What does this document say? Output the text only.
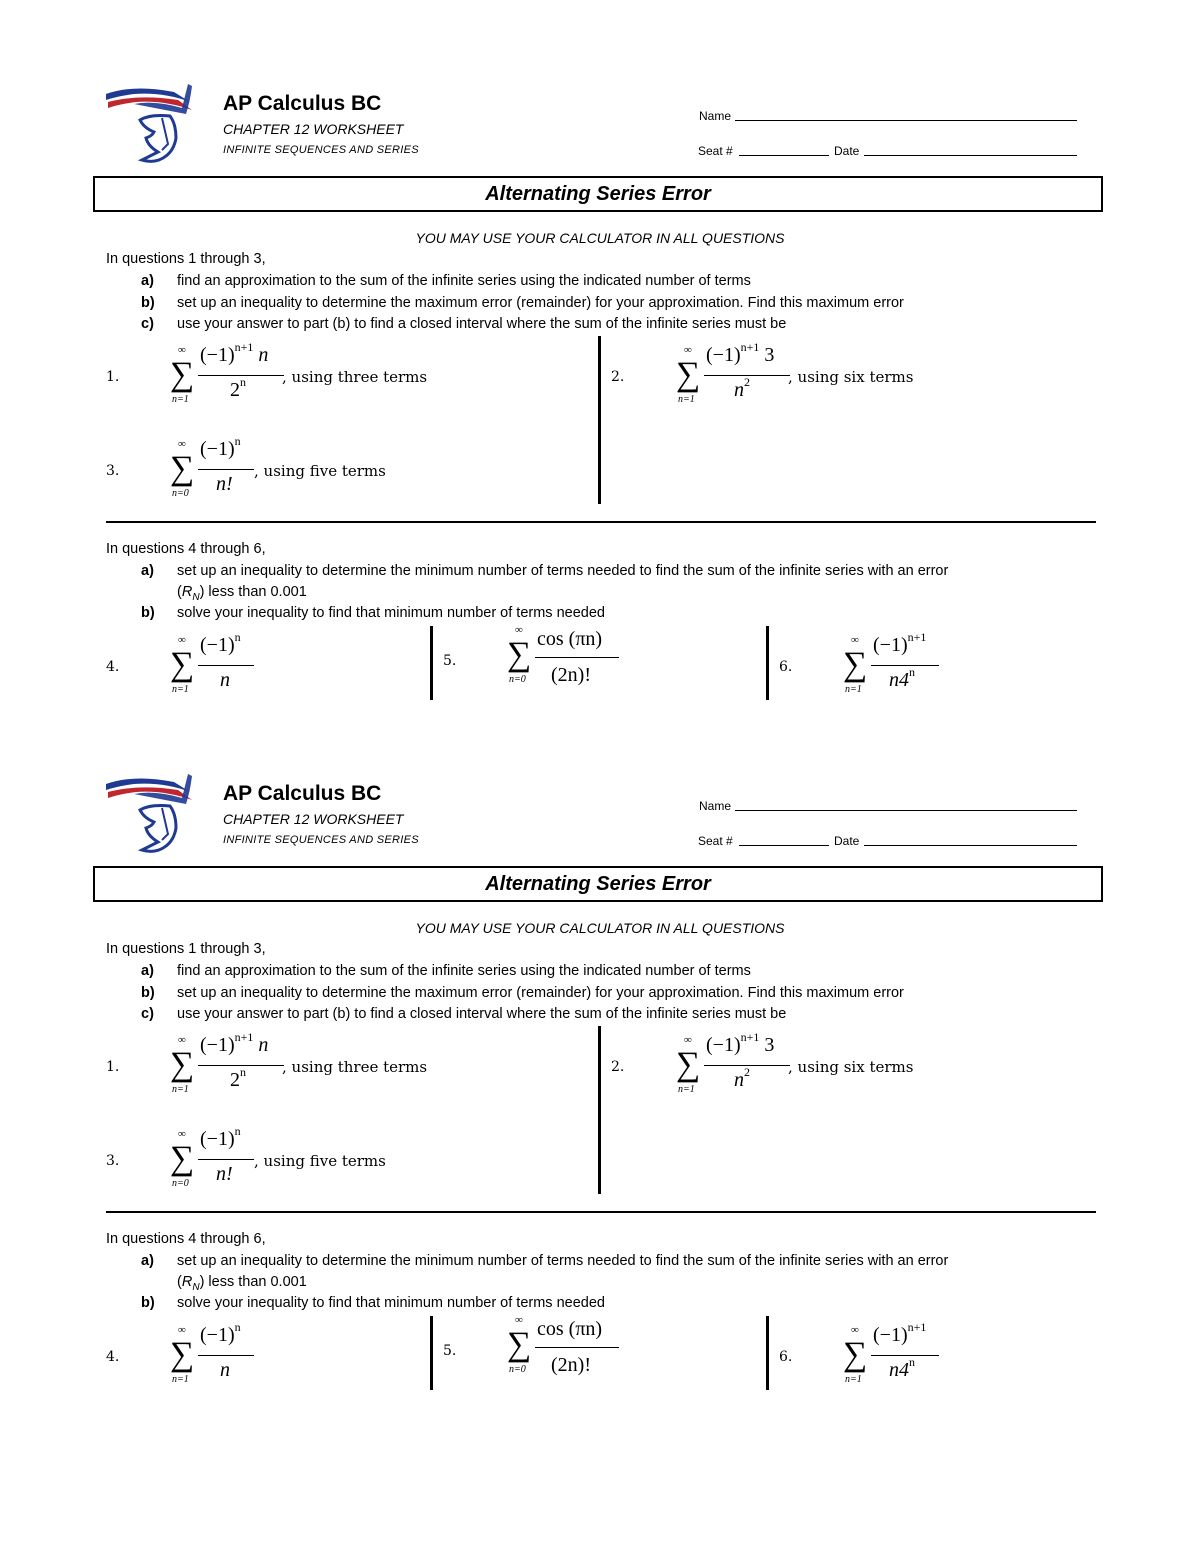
AP Calculus BC
CHAPTER 12 WORKSHEET
INFINITE SEQUENCES AND SERIES
Name
Seat #	Date
Alternating Series Error
YOU MAY USE YOUR CALCULATOR IN ALL QUESTIONS
In questions 1 through 3,
a) find an approximation to the sum of the infinite series using the indicated number of terms
b) set up an inequality to determine the maximum error (remainder) for your approximation. Find this maximum error
c) use your answer to part (b) to find a closed interval where the sum of the infinite series must be
1.
∞
∑
n=1
$(-1)^{n+1}$ n
2$^n$ , using three terms	2.
∞
∑
n=1
$(-1)^{n+1}$ 3
$n^2$	, using six terms
3.
∞
∑
n=0
$(-1)^n$
n!
, using five terms
In questions 4 through 6,
a) set up an inequality to determine the minimum number of terms needed to find the sum of the infinite series with an error
$(R_N)$ less than 0.001
b) solve your inequality to find that minimum number of terms needed
4.
∞
∑
n=1
$(-1)^n$
n
5.
∞
∑
n=0
cos (πn)
(2n)!	6.
∞
∑
n=1
$(-1)^{n+1}$
n4$^n$
AP Calculus BC
CHAPTER 12 WORKSHEET
INFINITE SEQUENCES AND SERIES
Name
Seat #	Date
Alternating Series Error
YOU MAY USE YOUR CALCULATOR IN ALL QUESTIONS
In questions 1 through 3,
a) find an approximation to the sum of the infinite series using the indicated number of terms
b) set up an inequality to determine the maximum error (remainder) for your approximation. Find this maximum error
c) use your answer to part (b) to find a closed interval where the sum of the infinite series must be
1.
∞
∑
n=1
$(-1)^{n+1}$ n
2$^n$ , using three terms	2.
∞
∑
n=1
$(-1)^{n+1}$ 3
$n^2$	, using six terms
3.
∞
∑
n=0
$(-1)^n$
n!
, using five terms
In questions 4 through 6,
a) set up an inequality to determine the minimum number of terms needed to find the sum of the infinite series with an error
$(R_N)$ less than 0.001
b) solve your inequality to find that minimum number of terms needed
4.
∞
∑
n=1
$(-1)^n$
n
5.
∞
∑
n=0
cos (πn)
(2n)!	6.
∞
∑
n=1
$(-1)^{n+1}$
n4$^n$
